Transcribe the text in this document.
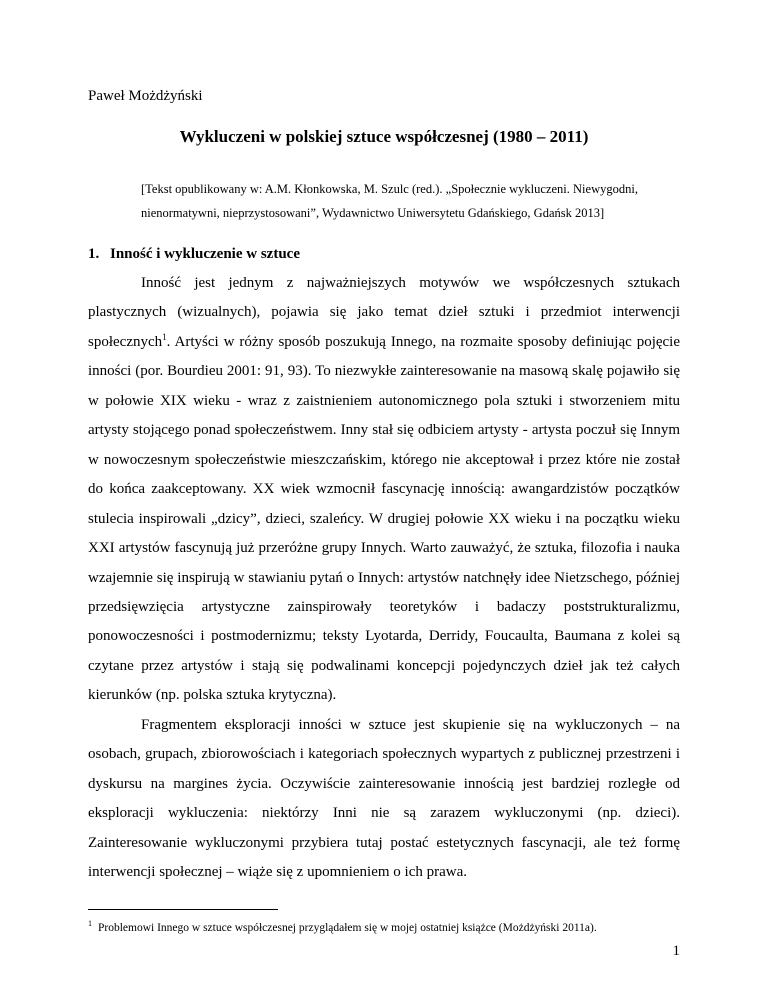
Paweł Możdżyński

Wykluczeni w polskiej sztuce współczesnej (1980 – 2011)

[Tekst opublikowany w: A.M. Kłonkowska, M. Szulc (red.). „Społecznie wykluczeni. Niewygodni, nienormatywni, nieprzystosowani”, Wydawnictwo Uniwersytetu Gdańskiego, Gdańsk 2013]

1. Inność i wykluczenie w sztuce

Inność jest jednym z najważniejszych motywów we współczesnych sztukach plastycznych (wizualnych), pojawia się jako temat dzieł sztuki i przedmiot interwencji społecznych$^1$. Artyści w różny sposób poszukują Innego, na rozmaite sposoby definiując pojęcie inności (por. Bourdieu 2001: 91, 93). To niezwykłe zainteresowanie na masową skalę pojawiło się w połowie XIX wieku - wraz z zaistnieniem autonomicznego pola sztuki i stworzeniem mitu artysty stojącego ponad społeczeństwem. Inny stał się odbiciem artysty - artysta poczuł się Innym w nowoczesnym społeczeństwie mieszczańskim, którego nie akceptował i przez które nie został do końca zaakceptowany. XX wiek wzmocnił fascynację innością: awangardzistów początków stulecia inspirowali „dzicy”, dzieci, szaleńcy. W drugiej połowie XX wieku i na początku wieku XXI artystów fascynują już przeróżne grupy Innych. Warto zauważyć, że sztuka, filozofia i nauka wzajemnie się inspirują w stawianiu pytań o Innych: artystów natchnęły idee Nietzschego, później przedsięwzięcia artystyczne zainspirowały teoretyków i badaczy poststrukturalizmu, ponowoczesności i postmodernizmu; teksty Lyotarda, Derridy, Foucaulta, Baumana z kolei są czytane przez artystów i stają się podwalinami koncepcji pojedynczych dzieł jak też całych kierunków (np. polska sztuka krytyczna).

Fragmentem eksploracji inności w sztuce jest skupienie się na wykluczonych – na osobach, grupach, zbiorowościach i kategoriach społecznych wypartych z publicznej przestrzeni i dyskursu na margines życia. Oczywiście zainteresowanie innością jest bardziej rozległe od eksploracji wykluczenia: niektórzy Inni nie są zarazem wykluczonymi (np. dzieci). Zainteresowanie wykluczonymi przybiera tutaj postać estetycznych fascynacji, ale też formę interwencji społecznej – wiąże się z upomnieniem o ich prawa.

$^1$ Problemowi Innego w sztuce współczesnej przyglądałem się w mojej ostatniej książce (Możdżyński 2011a).

1
